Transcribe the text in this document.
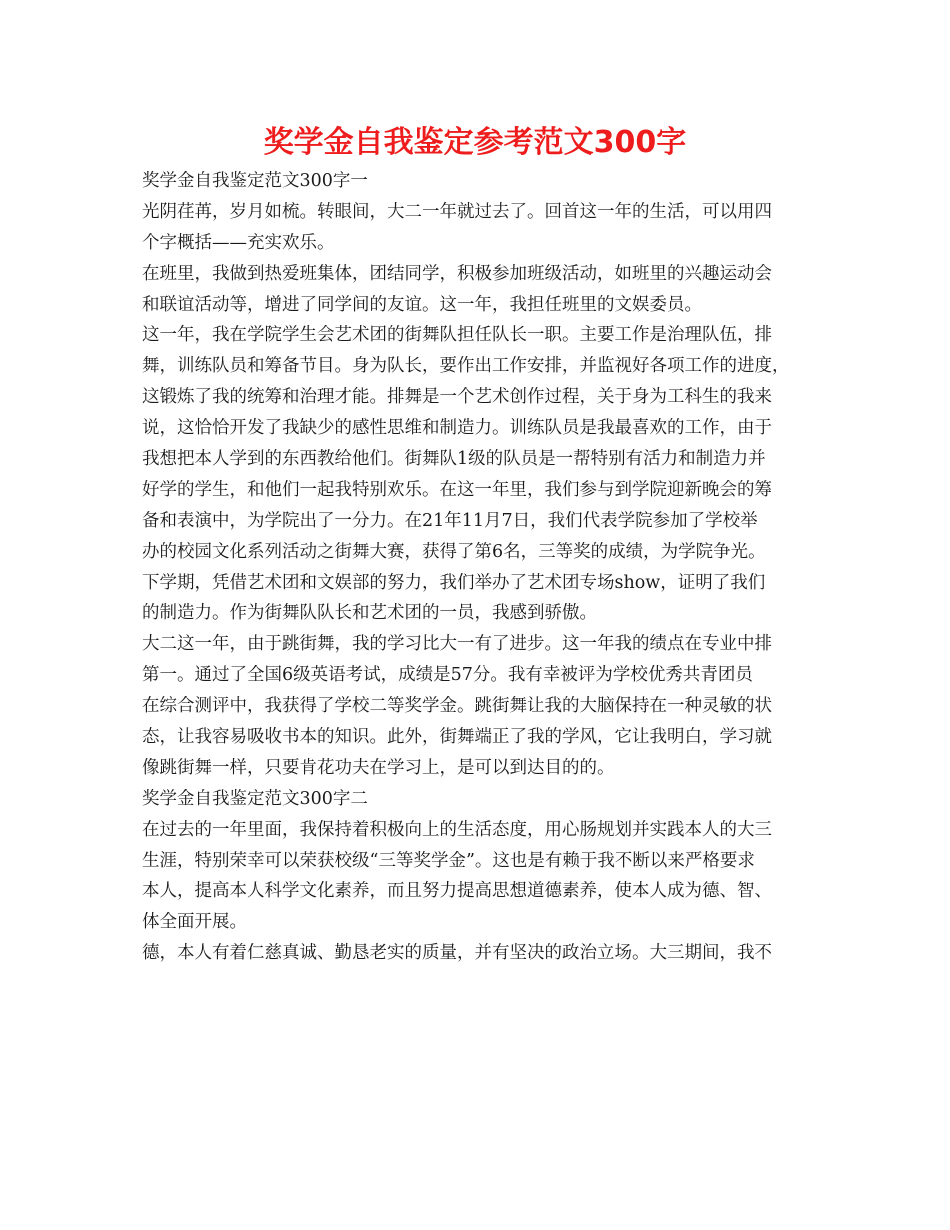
奖学金自我鉴定参考范文300字
奖学金自我鉴定范文300字一
光阴荏苒，岁月如梳。转眼间，大二一年就过去了。回首这一年的生活，可以用四
个字概括——充实欢乐。
在班里，我做到热爱班集体，团结同学，积极参加班级活动，如班里的兴趣运动会
和联谊活动等，增进了同学间的友谊。这一年，我担任班里的文娱委员。
这一年，我在学院学生会艺术团的街舞队担任队长一职。主要工作是治理队伍，排
舞，训练队员和筹备节目。身为队长，要作出工作安排，并监视好各项工作的进度，
这锻炼了我的统筹和治理才能。排舞是一个艺术创作过程，关于身为工科生的我来
说，这恰恰开发了我缺少的感性思维和制造力。训练队员是我最喜欢的工作，由于
我想把本人学到的东西教给他们。街舞队1级的队员是一帮特别有活力和制造力并
好学的学生，和他们一起我特别欢乐。在这一年里，我们参与到学院迎新晚会的筹
备和表演中，为学院出了一分力。在21年11月7日，我们代表学院参加了学校举
办的校园文化系列活动之街舞大赛，获得了第6名，三等奖的成绩，为学院争光。
下学期，凭借艺术团和文娱部的努力，我们举办了艺术团专场show，证明了我们
的制造力。作为街舞队队长和艺术团的一员，我感到骄傲。
大二这一年，由于跳街舞，我的学习比大一有了进步。这一年我的绩点在专业中排
第一。通过了全国6级英语考试，成绩是57分。我有幸被评为学校优秀共青团员
在综合测评中，我获得了学校二等奖学金。跳街舞让我的大脑保持在一种灵敏的状
态，让我容易吸收书本的知识。此外，街舞端正了我的学风，它让我明白，学习就
像跳街舞一样，只要肯花功夫在学习上，是可以到达目的的。
奖学金自我鉴定范文300字二
在过去的一年里面，我保持着积极向上的生活态度，用心肠规划并实践本人的大三
生涯，特别荣幸可以荣获校级“三等奖学金”。这也是有赖于我不断以来严格要求
本人，提高本人科学文化素养，而且努力提高思想道德素养，使本人成为德、智、
体全面开展。
德，本人有着仁慈真诚、勤恳老实的质量，并有坚决的政治立场。大三期间，我不
